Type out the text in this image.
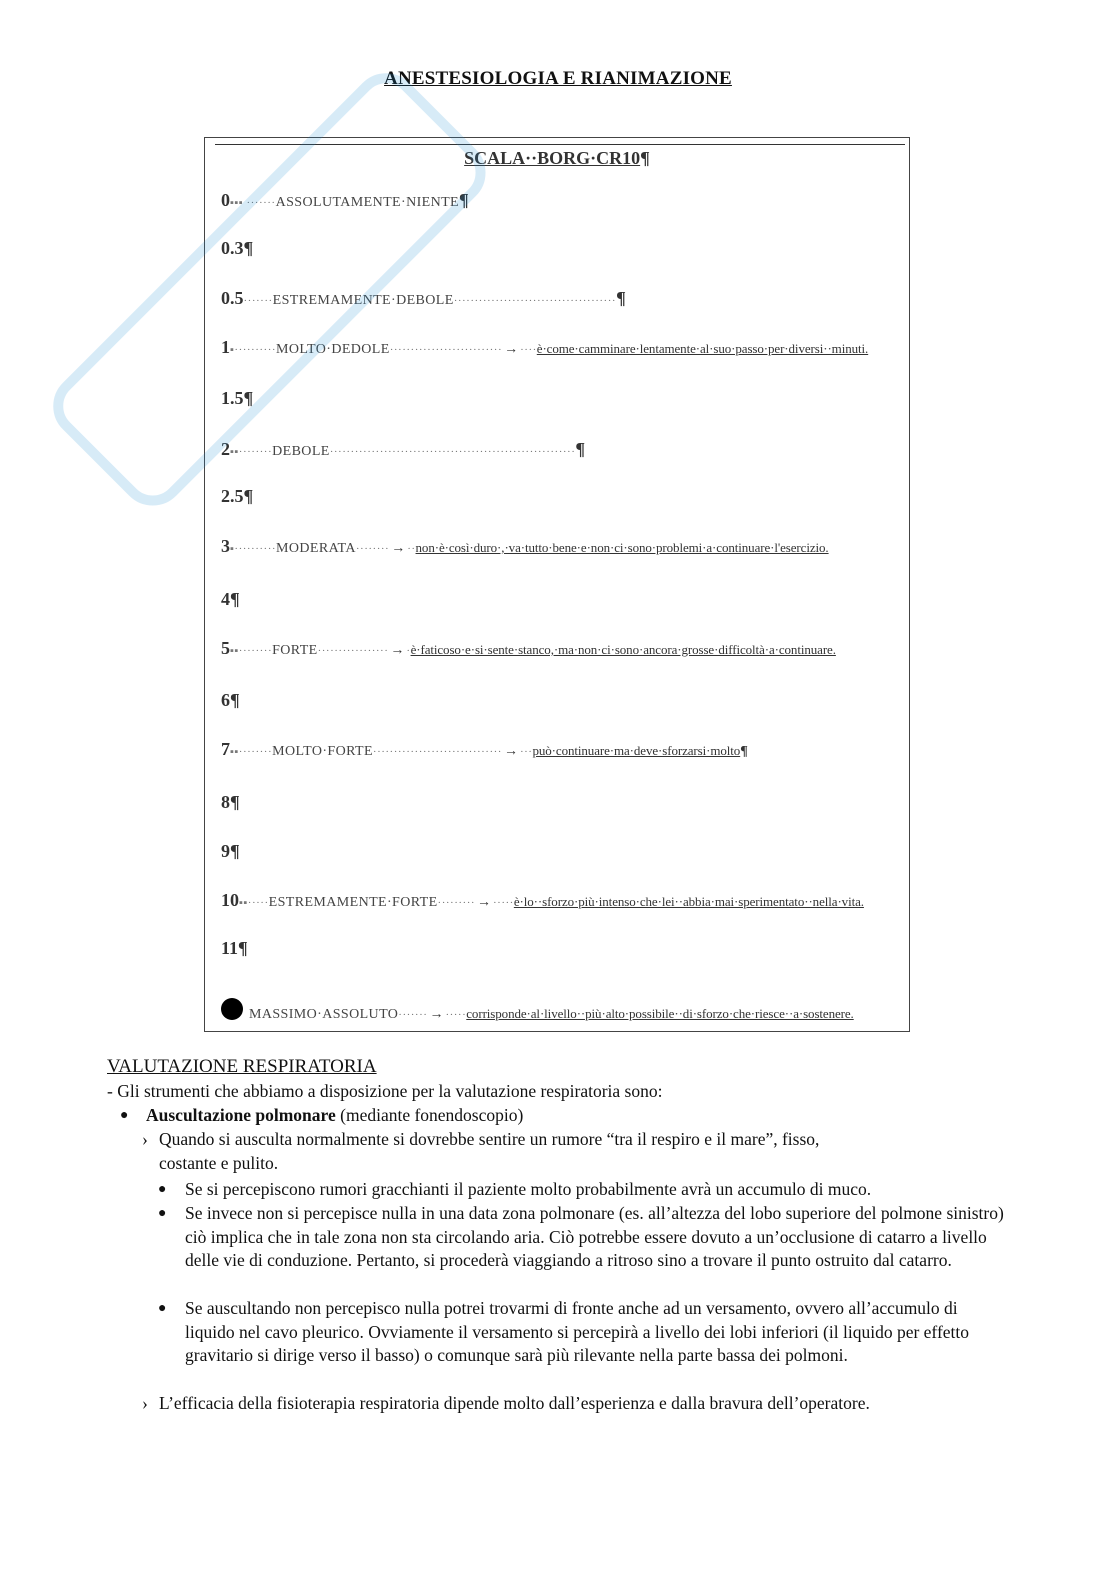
ANESTESIOLOGIA E RIANIMAZIONE
SCALA··BORG·CR10¶
0 ▪▪▪ ······· ASSOLUTAMENTE·NIENTE ¶
0.3 ¶
0.5 ······· ESTREMAMENTE·DEBOLE ······································· ¶
1 ▪·········· MOLTO·DEDOLE ··························· → ···· è·come·camminare·lentamente·al·suo·passo·per·diversi··minuti.
1.5 ¶
2 ▪▪········ DEBOLE ··························································· ¶
2.5 ¶
3 ▪·········· MODERATA ········ → ·· non·è·così·duro·,·va·tutto·bene·e·non·ci·sono·problemi·a·continuare·l'esercizio.
4 ¶
5 ▪▪········ FORTE ················· → · è·faticoso·e·si·sente·stanco,·ma·non·ci·sono·ancora·grosse·difficoltà·a·continuare.
6 ¶
7 ▪▪········ MOLTO·FORTE ······························· → ··· può·continuare·ma·deve·sforzarsi·molto ¶
8 ¶
9 ¶
10 ▪▪····· ESTREMAMENTE·FORTE ········· → ····· è·lo··sforzo·più·intenso·che·lei··abbia·mai·sperimentato··nella·vita.
11 ¶
MASSIMO·ASSOLUTO ······· → ····· corrisponde·al·livello··più·alto·possibile··di·sforzo·che·riesce··a·sostenere.
VALUTAZIONE RESPIRATORIA
- Gli strumenti che abbiamo a disposizione per la valutazione respiratoria sono:
● Auscultazione polmonare (mediante fonendoscopio)
› Quando si ausculta normalmente si dovrebbe sentire un rumore “tra il respiro e il mare”, fisso,
costante e pulito.
● Se si percepiscono rumori gracchianti il paziente molto probabilmente avrà un accumulo di muco.
● Se invece non si percepisce nulla in una data zona polmonare (es. all’altezza del lobo superiore del polmone sinistro) ciò implica che in tale zona non sta circolando aria. Ciò potrebbe essere dovuto a un’occlusione di catarro a livello delle vie di conduzione. Pertanto, si procederà viaggiando a ritroso sino a trovare il punto ostruito dal catarro.
● Se auscultando non percepisco nulla potrei trovarmi di fronte anche ad un versamento, ovvero all’accumulo di liquido nel cavo pleurico. Ovviamente il versamento si percepirà a livello dei lobi inferiori (il liquido per effetto gravitario si dirige verso il basso) o comunque sarà più rilevante nella parte bassa dei polmoni.
› L’efficacia della fisioterapia respiratoria dipende molto dall’esperienza e dalla bravura dell’operatore.
